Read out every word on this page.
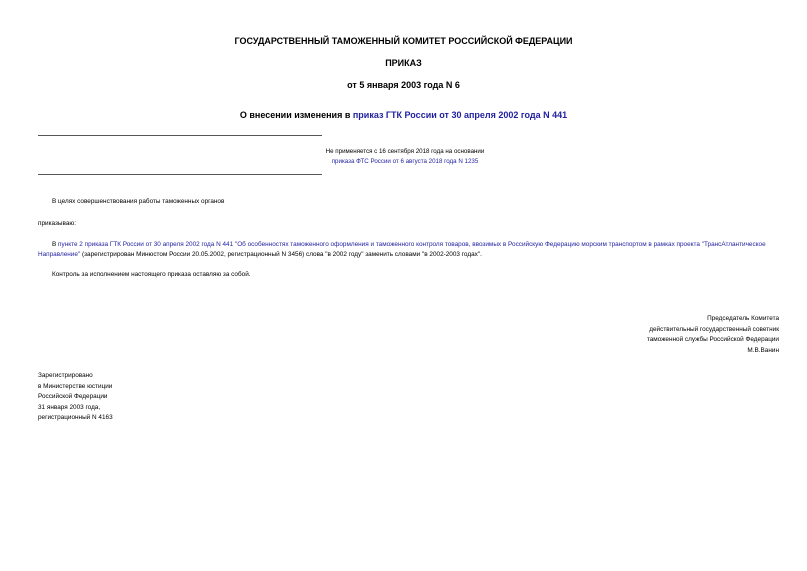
ГОСУДАРСТВЕННЫЙ ТАМОЖЕННЫЙ КОМИТЕТ РОССИЙСКОЙ ФЕДЕРАЦИИ
ПРИКАЗ
от 5 января 2003 года N 6
О внесении изменения в приказ ГТК России от 30 апреля 2002 года N 441
Не применяется с 16 сентября 2018 года на основании
приказа ФТС России от 6 августа 2018 года N 1235
В целях совершенствования работы таможенных органов
приказываю:
В пункте 2 приказа ГТК России от 30 апреля 2002 года N 441 "Об особенностях таможенного оформления и таможенного контроля товаров, ввозимых в Российскую Федерацию морским транспортом в рамках проекта "ТрансАтлантическое Направление" (зарегистрирован Минюстом России 20.05.2002, регистрационный N 3456) слова "в 2002 году" заменить словами "в 2002-2003 годах".
Контроль за исполнением настоящего приказа оставляю за собой.
Председатель Комитета
действительный государственный советник
таможенной службы Российской Федерации
М.В.Ванин
Зарегистрировано
в Министерстве юстиции
Российской Федерации
31 января 2003 года,
регистрационный N 4163
